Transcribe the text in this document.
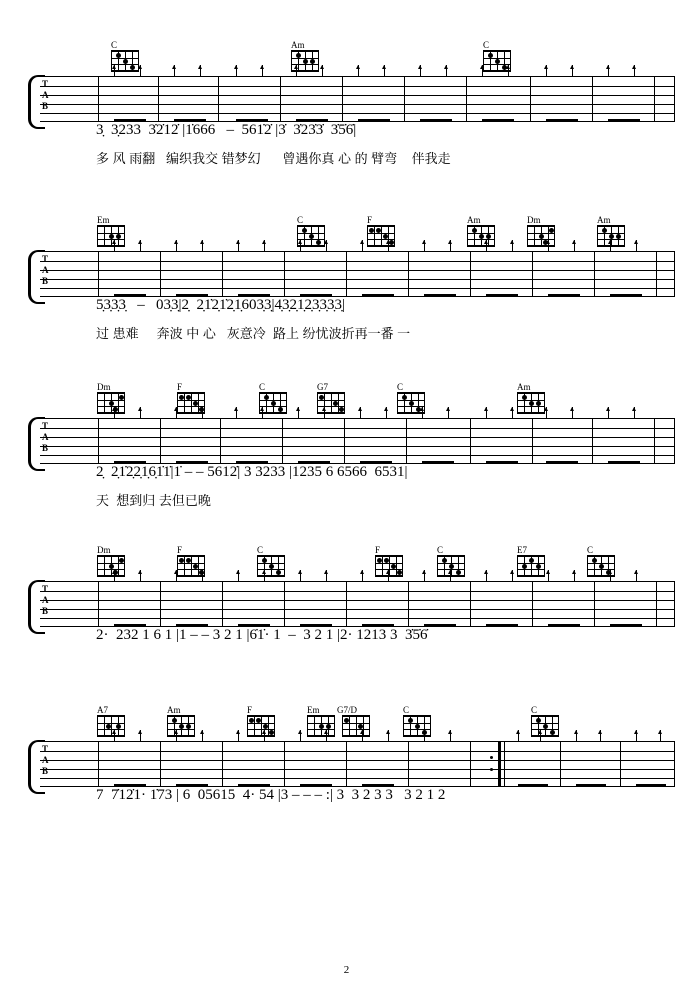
C	Am	C
T
A
B
3̣  3̣233  3̇2̇12̇ |1̇666   –  561̇2̇ |3̇  3̇23̇3̇  3̇5̇6̇|
多 风 雨翻   编织我交 错梦幻      曾遇你真 心 的 臂弯    伴我走
Em	C	F	Am	Dm	Am
T
A
B
5̣3̣3̣3̣   –   03̣3̣|2̣  2̣1̇2̣1̇2̣1̣603̣3̣|4̣3̣2̣1̣2̣3̣3̣3̣3̣|
过 患难     奔波 中 心   灰意冷  路上 纷忧波折再一番 一
Dm	F	C	G7	C	Am
T
A
B
2̣  2̣1̇2̣2̣1̣6̣1̇1̇|1̇ – – 5612̇| 3 3233 |1235 6 6566  6531|
天  想到归 去但已晚
Dm	F	C	F	C	E7	C
T
A
B
2·  232 1 6 1 |1 – – 3 2 1 |6̇1̇· 1  –  3 2 1 |2· 1213 3  3̇5̇6̇
A7	Am	F	Em	G7/D	C	C
T
A
B
7  7̇12̇1· 1̇73 | 6  05615  4· 54 |3 – – – :| 3  3 2 3 3   3 2 1 2
2
